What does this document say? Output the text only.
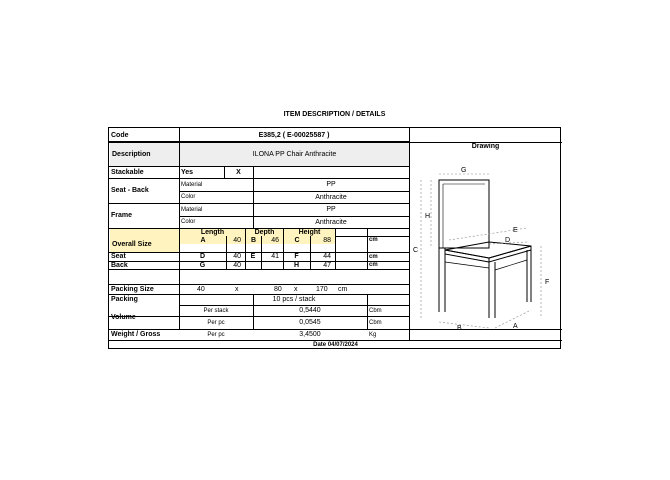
ITEM DESCRIPTION / DETAILS
Code	E385,2 ( E-00025587 )
Description	ILONA PP Chair Anthracite
Drawing
Stackable	Yes	X
Seat - Back
Material	PP
Color	Anthracite
Frame
Material	PP
Color	Anthracite
Length	Depth	Height
Overall Size
A	40	B	46	C	88	cm
Seat	D	40	E	41	F	44	cm
Back	G	40	H	47	cm
Packing Size	40	x	80	x	170	cm
Packing	10 pcs / stack
Volume
Per stack	0,5440	Cbm
Per pc	0,0545	Cbm
Weight / Gross	Per pc	3,4500	Kg
Date 04/07/2024
G
H
C
E
D
F
B	A
